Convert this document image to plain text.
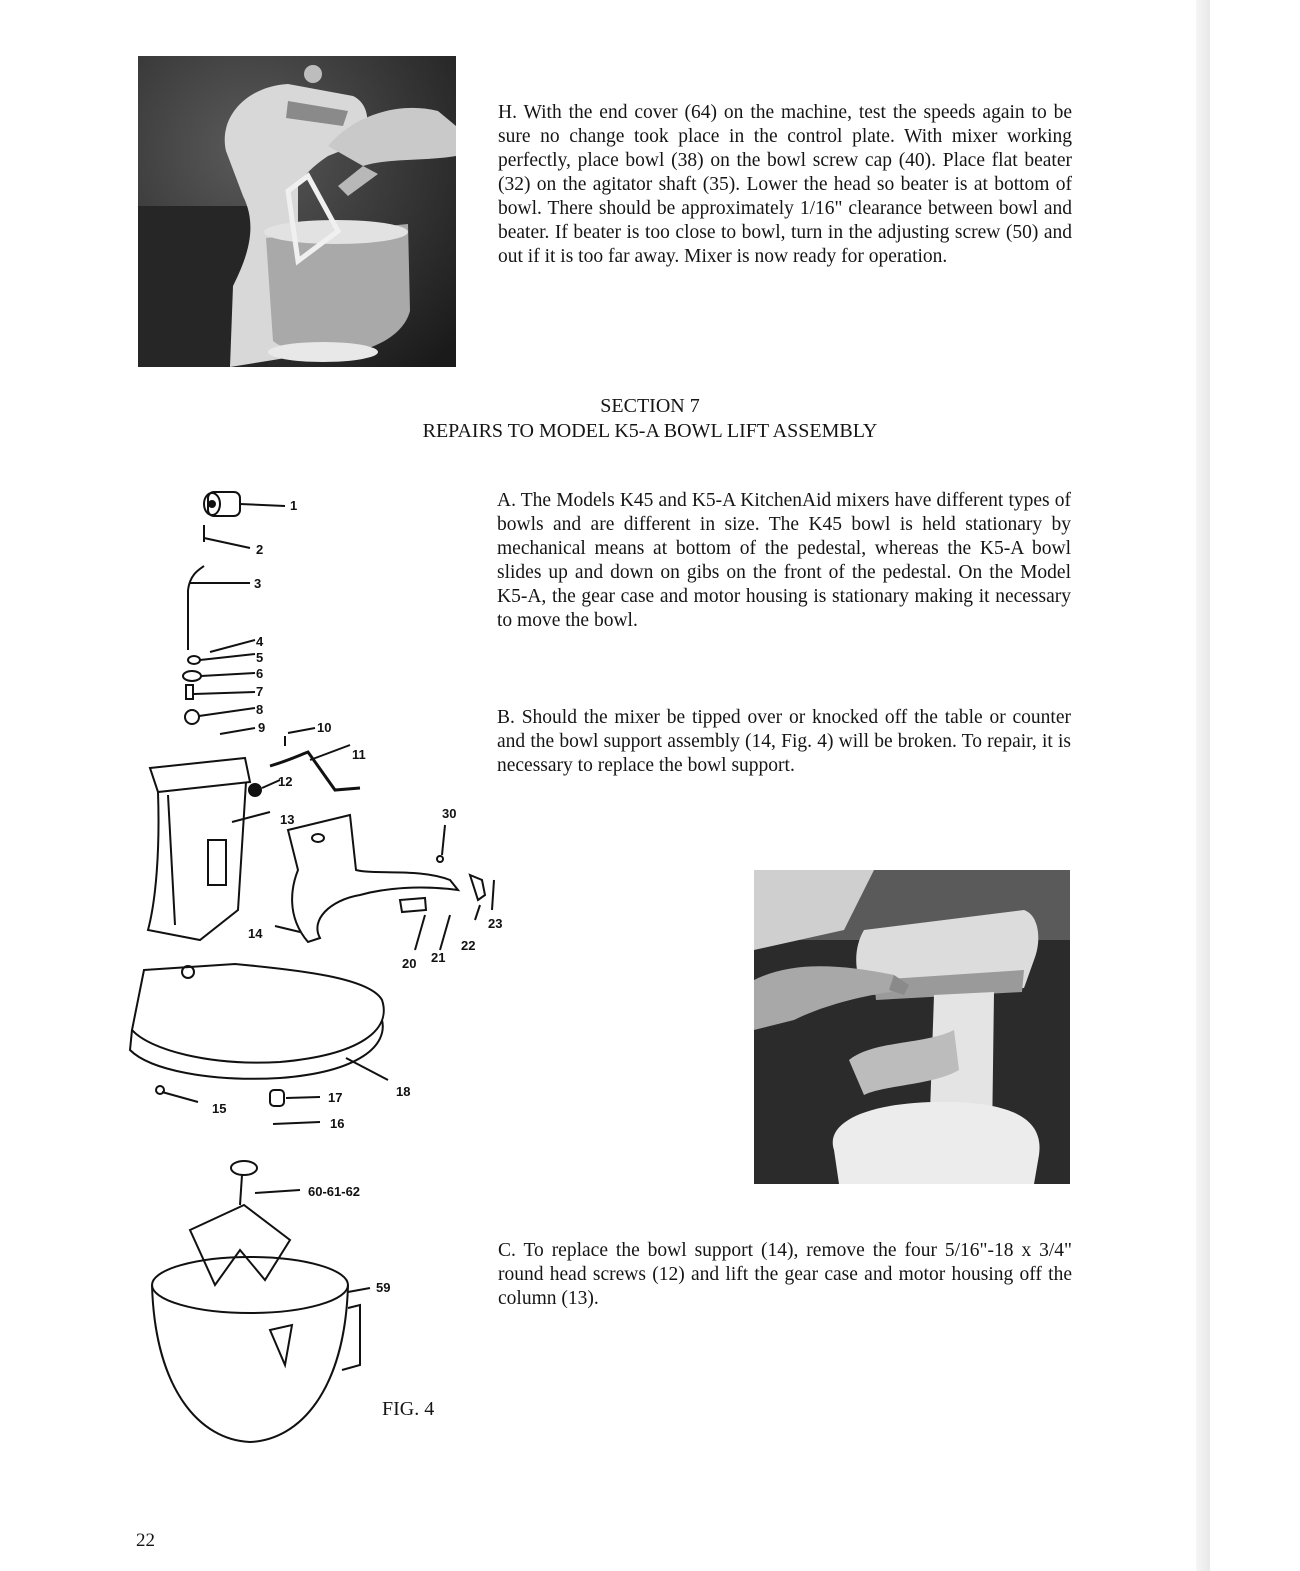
H. With the end cover (64) on the machine, test the speeds again to be sure no change took place in the control plate. With mixer working perfectly, place bowl (38) on the bowl screw cap (40). Place flat beater (32) on the agitator shaft (35). Lower the head so beater is at bottom of bowl. There should be approximately 1/16" clearance between bowl and beater. If beater is too close to bowl, turn in the adjusting screw (50) and out if it is too far away. Mixer is now ready for operation.

SECTION 7
REPAIRS TO MODEL K5-A BOWL LIFT ASSEMBLY

A. The Models K45 and K5-A KitchenAid mixers have different types of bowls and are different in size. The K45 bowl is held stationary by mechanical means at bottom of the pedestal, whereas the K5-A bowl slides up and down on gibs on the front of the pedestal. On the Model K5-A, the gear case and motor housing is stationary making it necessary to move the bowl.

B. Should the mixer be tipped over or knocked off the table or counter and the bowl support assembly (14, Fig. 4) will be broken. To repair, it is necessary to replace the bowl support.

C. To replace the bowl support (14), remove the four 5/16"-18 x 3/4" round head screws (12) and lift the gear case and motor housing off the column (13).

1
2
3
4
5
6
7
8
9	10
11
12
13
14
15
16
17	18
20 21
22
23
30
59
60-61-62
FIG. 4
22
